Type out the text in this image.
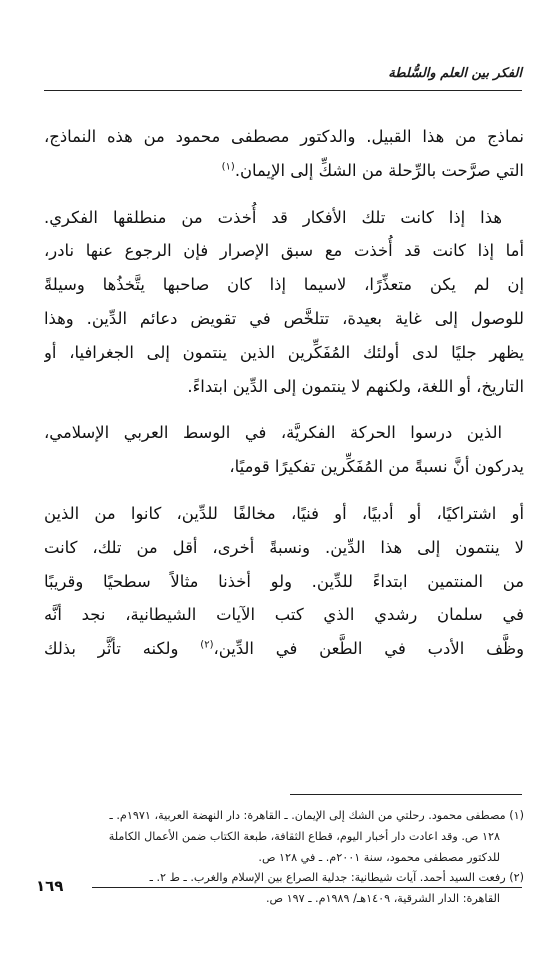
الفكر بين العلم والسُّلطة
نماذج من هذا القبيل. والدكتور مصطفى محمود من هذه النماذج،
التي صرَّحت بالرِّحلة من الشكِّ إلى الإيمان.$^{(١)}$
هذا إذا كانت تلك الأفكار قد أُخذت من منطلقها الفكري.
أما إذا كانت قد أُخذت مع سبق الإصرار فإن الرجوع عنها نادر،
إن لم يكن متعذِّرًا، لاسيما إذا كان صاحبها يتَّخذُها وسيلةً
للوصول إلى غاية بعيدة، تتلخَّص في تقويض دعائم الدِّين. وهذا
يظهر جليًا لدى أولئك المُفَكِّرين الذين ينتمون إلى الجغرافيا، أو
التاريخ، أو اللغة، ولكنهم لا ينتمون إلى الدِّين ابتداءً.
الذين درسوا الحركة الفكريَّة، في الوسط العربي الإسلامي،
يدركون أنَّ نسبةً من المُفَكِّرين تفكيرًا قوميًا،
أو اشتراكيًا، أو أدبيًا، أو فنيًا، مخالفًا للدِّين، كانوا من الذين
لا ينتمون إلى هذا الدِّين. ونسبةً أخرى، أقل من تلك، كانت
من المنتمين ابتداءً للدِّين. ولو أخذنا مثالاً سطحيًا وقريبًا
في سلمان رشدي الذي كتب الآيات الشيطانية، نجد أنَّه
وظَّف الأدب في الطَّعن في الدِّين،$^{(٢)}$ ولكنه تأثَّر بذلك
(١) مصطفى محمود. رحلتي من الشك إلى الإيمان. ـ القاهرة: دار النهضة العربية، ١٩٧١م. ـ
١٢٨ ص. وقد اعادت دار أخبار اليوم، قطاع الثقافة، طبعة الكتاب ضمن الأعمال الكاملة
للدكتور مصطفى محمود، سنة ٢٠٠١م. ـ في ١٢٨ ص.
(٢) رفعت السيد أحمد. آيات شيطانية: جدلية الصراع بين الإسلام والغرب. ـ ط ٢. ـ
القاهرة: الدار الشرقية، ١٤٠٩هـ/ ١٩٨٩م. ـ ١٩٧ ص.
١٦٩
